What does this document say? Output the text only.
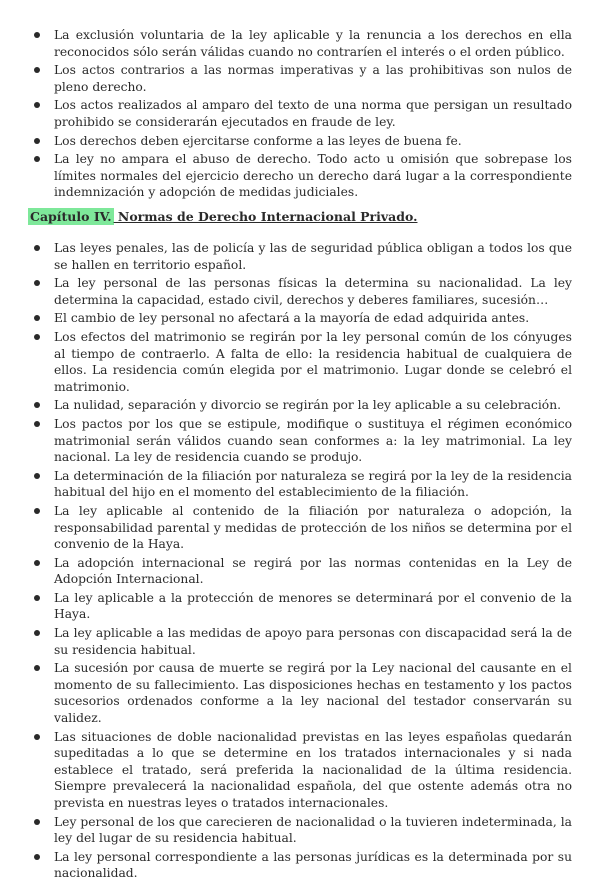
La exclusión voluntaria de la ley aplicable y la renuncia a los derechos en ella reconocidos sólo serán válidas cuando no contraríen el interés o el orden público.
Los actos contrarios a las normas imperativas y a las prohibitivas son nulos de pleno derecho.
Los actos realizados al amparo del texto de una norma que persigan un resultado prohibido se considerarán ejecutados en fraude de ley.
Los derechos deben ejercitarse conforme a las leyes de buena fe.
La ley no ampara el abuso de derecho. Todo acto u omisión que sobrepase los límites normales del ejercicio derecho un derecho dará lugar a la correspondiente indemnización y adopción de medidas judiciales.
Capítulo IV. Normas de Derecho Internacional Privado.
Las leyes penales, las de policía y las de seguridad pública obligan a todos los que se hallen en territorio español.
La ley personal de las personas físicas la determina su nacionalidad. La ley determina la capacidad, estado civil, derechos y deberes familiares, sucesión…
El cambio de ley personal no afectará a la mayoría de edad adquirida antes.
Los efectos del matrimonio se regirán por la ley personal común de los cónyuges al tiempo de contraerlo. A falta de ello: la residencia habitual de cualquiera de ellos. La residencia común elegida por el matrimonio. Lugar donde se celebró el matrimonio.
La nulidad, separación y divorcio se regirán por la ley aplicable a su celebración.
Los pactos por los que se estipule, modifique o sustituya el régimen económico matrimonial serán válidos cuando sean conformes a: la ley matrimonial. La ley nacional. La ley de residencia cuando se produjo.
La determinación de la filiación por naturaleza se regirá por la ley de la residencia habitual del hijo en el momento del establecimiento de la filiación.
La ley aplicable al contenido de la filiación por naturaleza o adopción, la responsabilidad parental y medidas de protección de los niños se determina por el convenio de la Haya.
La adopción internacional se regirá por las normas contenidas en la Ley de Adopción Internacional.
La ley aplicable a la protección de menores se determinará por el convenio de la Haya.
La ley aplicable a las medidas de apoyo para personas con discapacidad será la de su residencia habitual.
La sucesión por causa de muerte se regirá por la Ley nacional del causante en el momento de su fallecimiento. Las disposiciones hechas en testamento y los pactos sucesorios ordenados conforme a la ley nacional del testador conservarán su validez.
Las situaciones de doble nacionalidad previstas en las leyes españolas quedarán supeditadas a lo que se determine en los tratados internacionales y si nada establece el tratado, será preferida la nacionalidad de la última residencia. Siempre prevalecerá la nacionalidad española, del que ostente además otra no prevista en nuestras leyes o tratados internacionales.
Ley personal de los que carecieren de nacionalidad o la tuvieren indeterminada, la ley del lugar de su residencia habitual.
La ley personal correspondiente a las personas jurídicas es la determinada por su nacionalidad.
